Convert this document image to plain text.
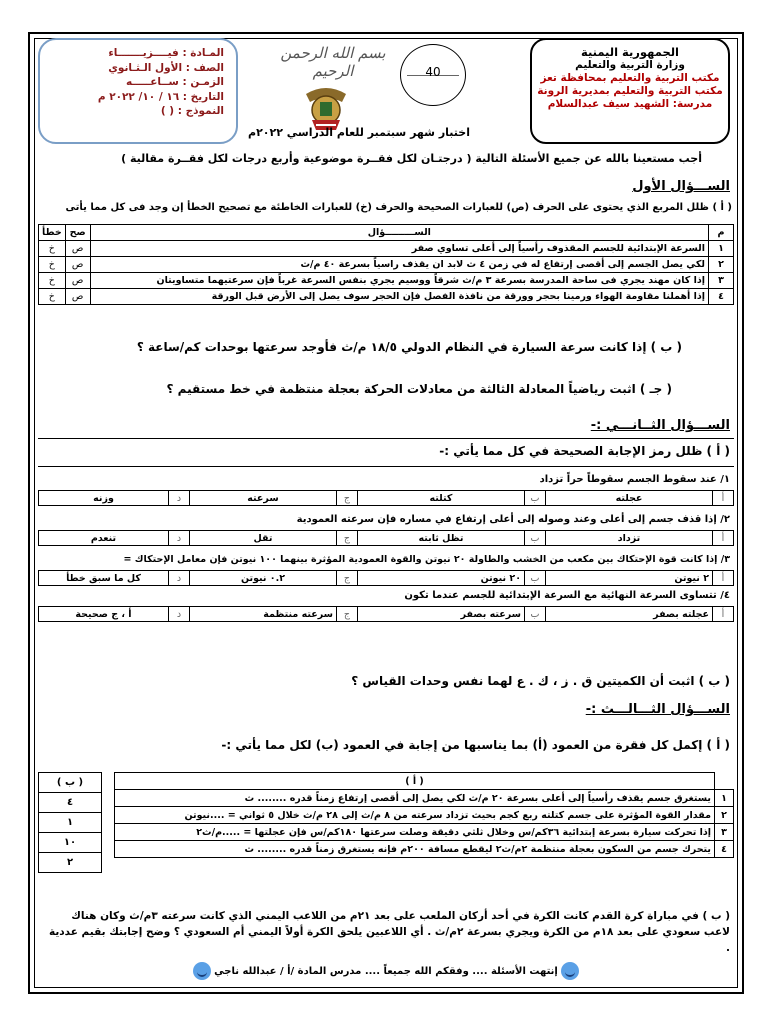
الجمهورية اليمنية
وزارة التربية والتعليم
مكتب التربية والتعليم بمحافظة تعز
مكتب التربية والتعليم بمديرية الرونة
مدرسة: الشهيد سيف عبدالسلام
40
بسم الله الرحمن الرحيم
المـادة : فيــــزيـــــــاء
الصف : الأول الـثـانوي
الزمـن : ســاعـــــه
التاريخ : ١٦ / ١٠/ ٢٠٢٢ م
النموذج : ( )
اختبار شهر سبتمبر للعام الدراسي ٢٠٢٢م
أجب مستعينا بالله عن جميع الأسئلة التالية ( درجتـان لكل فقــرة موضوعية وأربع درجات لكل فقــرة مقالية )
الســـؤال الأول
( أ ) ظلل المربع الذي يحتوى على الحرف (ص) للعبارات الصحيحة والحرف (خ) للعبارات الخاطئة مع تصحيح الخطأ إن وجد فى كل مما يأتى
م	الســـــــــؤال	صح	خطأ
١	السرعة الإبتدائية للجسم المقذوف رأسياً إلى أعلى تساوي صفر	ص	خ
٢	لكي يصل الجسم إلى أقصى إرتفاع له في زمن ٤ ث لابد ان يقذف راسياً بسرعة ٤٠ م/ث	ص	خ
٣	إذا كان مهند يجري فى ساحة المدرسة بسرعة ٣ م/ث شرقاً ووسيم يجري بنفس السرعة غرباً فإن سرعتيهما متساويتان	ص	خ
٤	إذا أهملنا مقاومة الهواء ورمينا بحجر وورقة من نافذة الفصل فإن الحجر سوف يصل إلى الأرض قبل الورقة	ص	خ
( ب ) إذا كانت سرعة السيارة في النظام الدولي ١٨/٥ م/ث فأوجد سرعتها بوحدات كم/ساعة ؟
( جـ ) اثبت رياضياً المعادلة الثالثة من معادلات الحركة بعجلة منتظمة في خط مستقيم ؟
الســـؤال الثــانـــي :-
( أ ) ظلل رمز الإجابة الصحيحة في كل مما يأتي :-
١/ عند سقوط الجسم سقوطاً حراً تزداد
أ	عجلته	ب	كتلته	ج	سرعته	د	وزنه
٢/ إذا قذف جسم إلى أعلى وعند وصوله إلى أعلى إرتفاع في مساره فإن سرعته العمودية
أ	تزداد	ب	تظل ثابته	ج	تقل	د	تنعدم
٣/ إذا كانت قوة الإحتكاك بين مكعب من الخشب والطاولة ٢٠ نيوتن والقوة العمودية المؤثرة بينهما ١٠٠ نيوتن فإن معامل الإحتكاك =
أ	٢ نيوتن	ب	٢٠ نيوتن	ج	٠.٢ نيوتن	د	كل ما سبق خطأ
٤/ تتساوى السرعة النهائية مع السرعة الإبتدائية للجسم عندما تكون
أ	عجلته بصفر	ب	سرعته بصفر	ج	سرعته منتظمة	د	أ ، ج صحيحة
( ب ) اثبت أن الكميتين ق . ز ، ك . ع لهما نفس وحدات القياس ؟
الســـؤال الثـــالـــث :-
( أ ) إكمل كل فقرة من العمود (أ) بما يناسبها من إجابة في العمود (ب) لكل مما يأتي :-
	( أ )
١	يستغرق جسم يقذف رأسياً إلى أعلى بسرعة ٢٠ م/ث لكي يصل إلى أقصى إرتفاع زمناً قدره ........ ث
٢	مقدار القوة المؤثرة على جسم كتلته ربع كجم بحيث تزداد سرعته من ٨ م/ث إلى ٢٨ م/ث خلال ٥ ثواني = ....نيوتن
٣	إذا تحركت سيارة بسرعة إبتدائية ٣٦كم/س وخلال ثلثي دقيقة وصلت سرعتها ١٨٠كم/س فإن عجلتها = .....م/ث٢
٤	يتحرك جسم من السكون بعجلة منتظمة ٢م/ث٢ ليقطع مسافة ٢٠٠م فإنه يستغرق زمناً قدره ........ ث
( ب )
٤
١
١٠
٢
( ب ) في مباراة كرة القدم كانت الكرة في أحد أركان الملعب على بعد ٢١م من اللاعب اليمني الذي كانت سرعته ٣م/ث وكان هناك لاعب سعودي على بعد ١٨م من الكرة ويجري بسرعة ٢م/ث . أي اللاعبين يلحق الكرة أولاً اليمني أم السعودي ؟ وضح إجابتك بقيم عددية .
إنتهت الأسئلة .... وفقكم الله جميعاً .... مدرس المادة /أ / عبدالله ناجي
